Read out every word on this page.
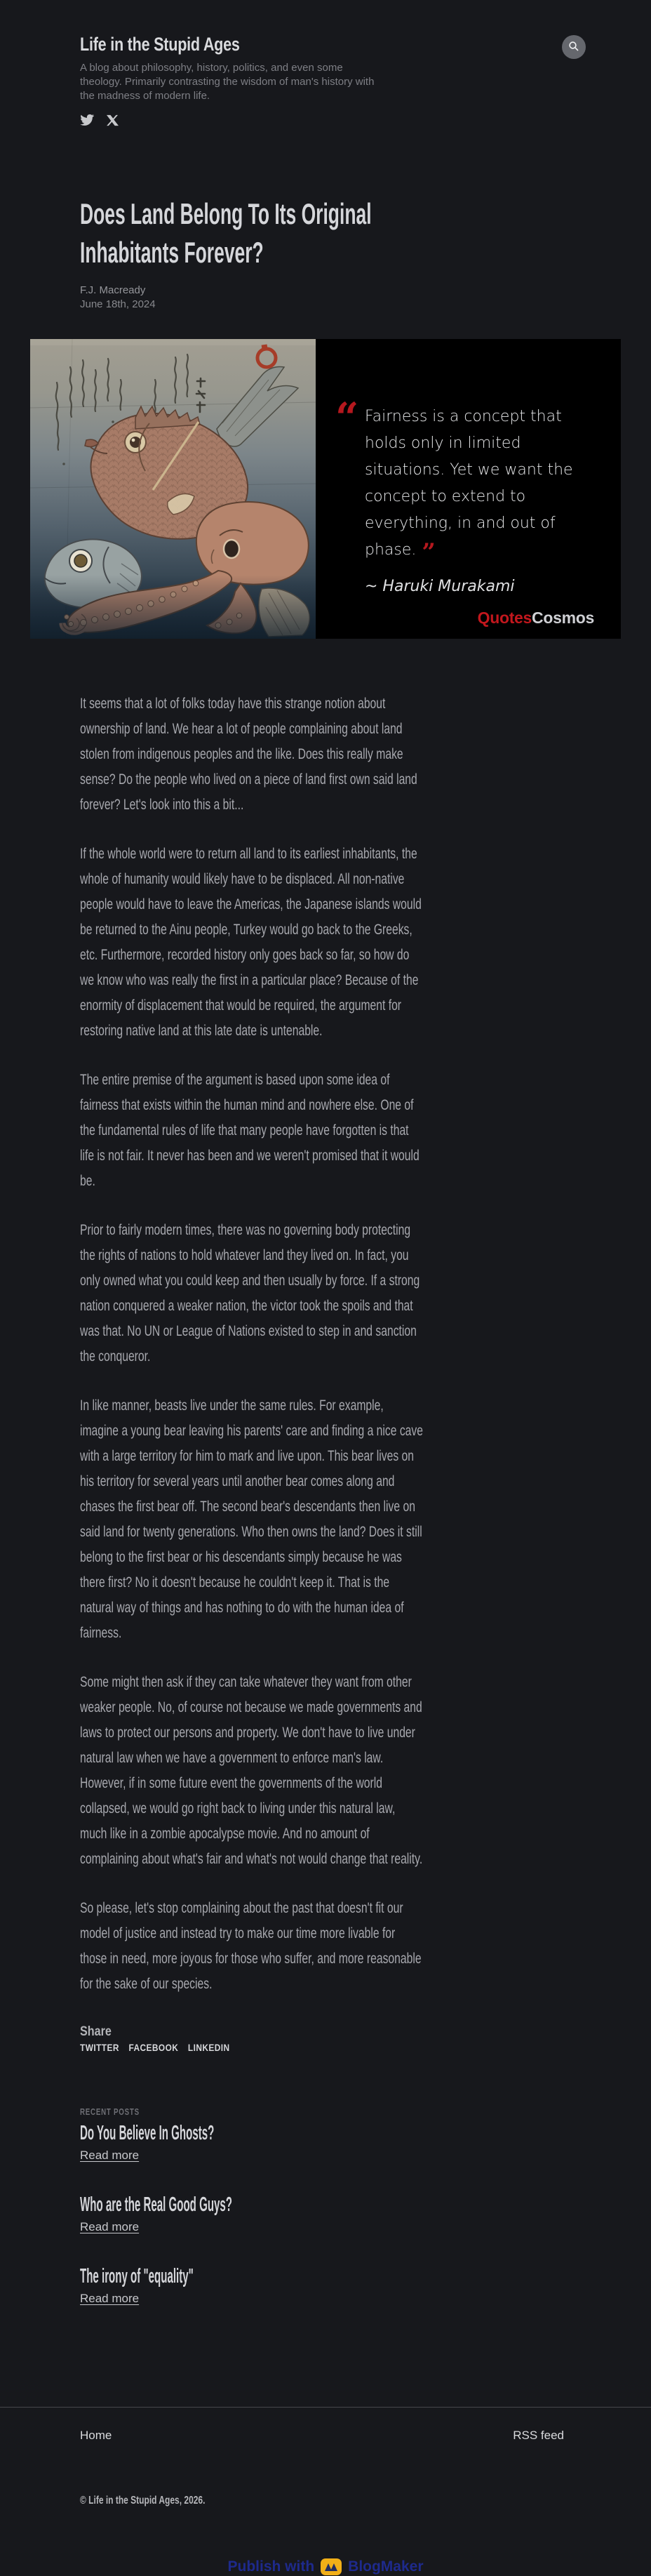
Life in the Stupid Ages

A blog about philosophy, history, politics, and even some theology. Primarily contrasting the wisdom of man's history with the madness of modern life.

Does Land Belong To Its Original Inhabitants Forever?
F.J. Macready
June 18th, 2024
“ Fairness is a concept that holds only in limited situations. Yet we want the concept to extend to everything, in and out of phase. ”
~ Haruki Murakami
QuotesCosmos

It seems that a lot of folks today have this strange notion about ownership of land. We hear a lot of people complaining about land stolen from indigenous peoples and the like. Does this really make sense? Do the people who lived on a piece of land first own said land forever? Let's look into this a bit...

If the whole world were to return all land to its earliest inhabitants, the whole of humanity would likely have to be displaced. All non-native people would have to leave the Americas, the Japanese islands would be returned to the Ainu people, Turkey would go back to the Greeks, etc. Furthermore, recorded history only goes back so far, so how do we know who was really the first in a particular place? Because of the enormity of displacement that would be required, the argument for restoring native land at this late date is untenable.

The entire premise of the argument is based upon some idea of fairness that exists within the human mind and nowhere else. One of the fundamental rules of life that many people have forgotten is that life is not fair. It never has been and we weren't promised that it would be.

Prior to fairly modern times, there was no governing body protecting the rights of nations to hold whatever land they lived on. In fact, you only owned what you could keep and then usually by force. If a strong nation conquered a weaker nation, the victor took the spoils and that was that. No UN or League of Nations existed to step in and sanction the conqueror.

In like manner, beasts live under the same rules. For example, imagine a young bear leaving his parents' care and finding a nice cave with a large territory for him to mark and live upon. This bear lives on his territory for several years until another bear comes along and chases the first bear off. The second bear's descendants then live on said land for twenty generations. Who then owns the land? Does it still belong to the first bear or his descendants simply because he was there first? No it doesn't because he couldn't keep it. That is the natural way of things and has nothing to do with the human idea of fairness.

Some might then ask if they can take whatever they want from other weaker people. No, of course not because we made governments and laws to protect our persons and property. We don't have to live under natural law when we have a government to enforce man's law. However, if in some future event the governments of the world collapsed, we would go right back to living under this natural law, much like in a zombie apocalypse movie. And no amount of complaining about what's fair and what's not would change that reality.

So please, let's stop complaining about the past that doesn't fit our model of justice and instead try to make our time more livable for those in need, more joyous for those who suffer, and more reasonable for the sake of our species.

Share
TWITTER FACEBOOK LINKEDIN
RECENT POSTS
Do You Believe In Ghosts?
Read more
Who are the Real Good Guys?
Read more
The irony of "equality"
Read more
Home	RSS feed
© Life in the Stupid Ages, 2026.
Publish with BlogMaker
